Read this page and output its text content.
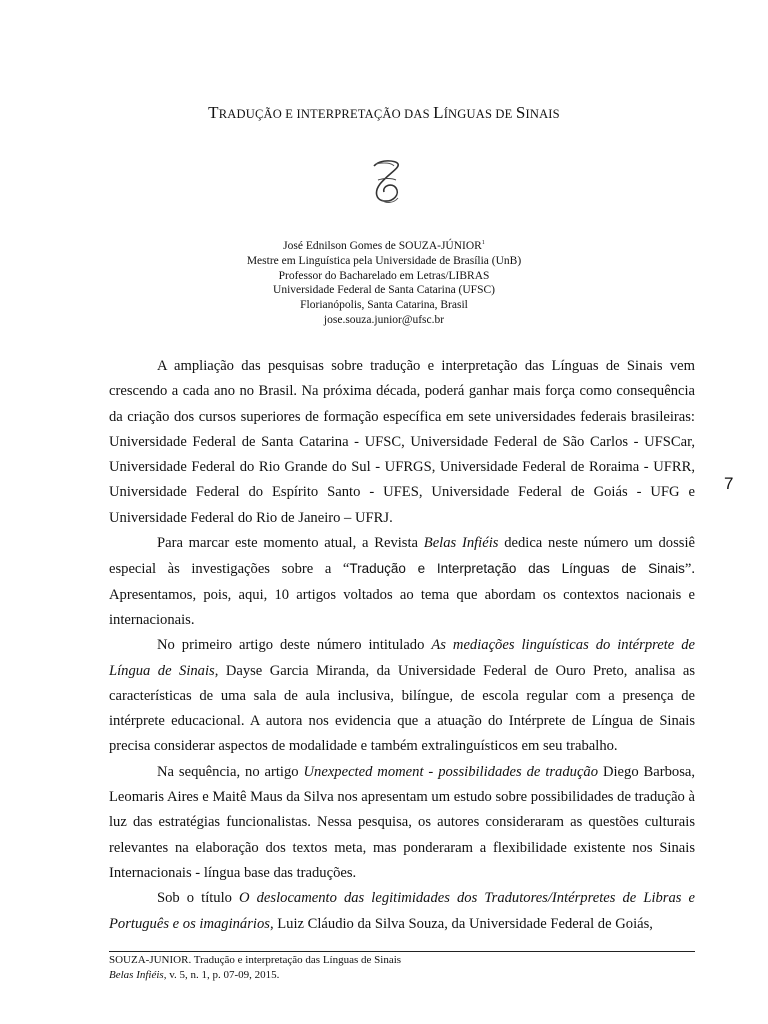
TRADUÇÃO E INTERPRETAÇÃO DAS LÍNGUAS DE SINAIS
José Ednilson Gomes de SOUZA-JÚNIOR$^1$
Mestre em Linguística pela Universidade de Brasília (UnB)
Professor do Bacharelado em Letras/LIBRAS
Universidade Federal de Santa Catarina (UFSC)
Florianópolis, Santa Catarina, Brasil
jose.souza.junior@ufsc.br

A ampliação das pesquisas sobre tradução e interpretação das Línguas de Sinais vem crescendo a cada ano no Brasil. Na próxima década, poderá ganhar mais força como consequência da criação dos cursos superiores de formação específica em sete universidades federais brasileiras: Universidade Federal de Santa Catarina - UFSC, Universidade Federal de São Carlos - UFSCar, Universidade Federal do Rio Grande do Sul - UFRGS, Universidade Federal de Roraima - UFRR, Universidade Federal do Espírito Santo - UFES, Universidade Federal de Goiás - UFG e Universidade Federal do Rio de Janeiro – UFRJ.

Para marcar este momento atual, a Revista Belas Infiéis dedica neste número um dossiê especial às investigações sobre a “Tradução e Interpretação das Línguas de Sinais”. Apresentamos, pois, aqui, 10 artigos voltados ao tema que abordam os contextos nacionais e internacionais.

No primeiro artigo deste número intitulado As mediações linguísticas do intérprete de Língua de Sinais, Dayse Garcia Miranda, da Universidade Federal de Ouro Preto, analisa as características de uma sala de aula inclusiva, bilíngue, de escola regular com a presença de intérprete educacional. A autora nos evidencia que a atuação do Intérprete de Língua de Sinais precisa considerar aspectos de modalidade e também extralinguísticos em seu trabalho.

Na sequência, no artigo Unexpected moment - possibilidades de tradução Diego Barbosa, Leomaris Aires e Maitê Maus da Silva nos apresentam um estudo sobre possibilidades de tradução à luz das estratégias funcionalistas. Nessa pesquisa, os autores consideraram as questões culturais relevantes na elaboração dos textos meta, mas ponderaram a flexibilidade existente nos Sinais Internacionais - língua base das traduções.

Sob o título O deslocamento das legitimidades dos Tradutores/Intérpretes de Libras e Português e os imaginários, Luiz Cláudio da Silva Souza, da Universidade Federal de Goiás,

7
SOUZA-JUNIOR. Tradução e interpretação das Línguas de Sinais
Belas Infiéis, v. 5, n. 1, p. 07-09, 2015.
